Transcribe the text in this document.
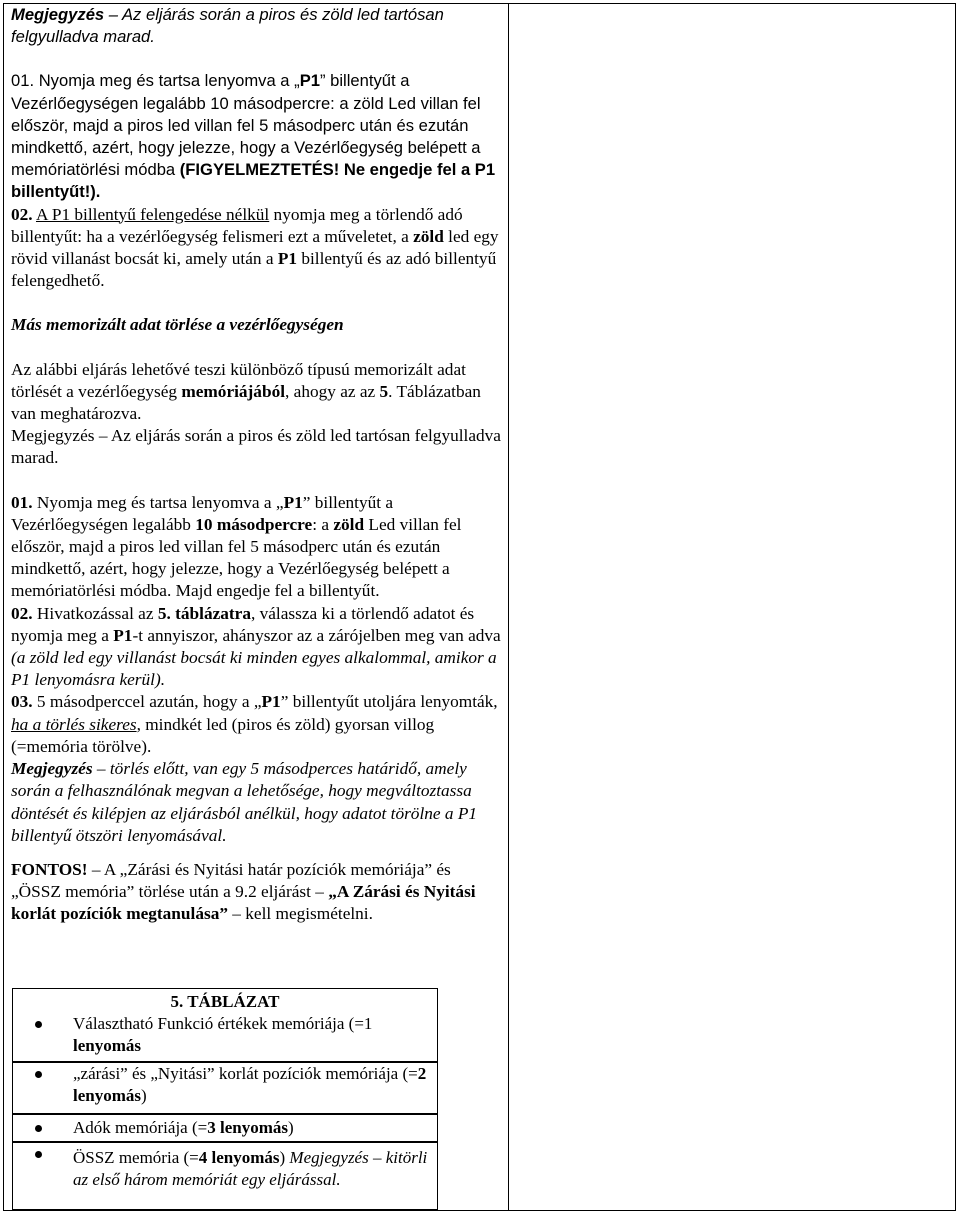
Megjegyzés – Az eljárás során a piros és zöld led tartósan felgyulladva marad.

01. Nyomja meg és tartsa lenyomva a „P1” billentyűt a Vezérlőegységen legalább 10 másodpercre: a zöld Led villan fel először, majd a piros led villan fel 5 másodperc után és ezután mindkettő, azért, hogy jelezze, hogy a Vezérlőegység belépett a memóriatörlési módba (FIGYELMEZTETÉS! Ne engedje fel a P1 billentyűt!).

02. A P1 billentyű felengedése nélkül nyomja meg a törlendő adó billentyűt: ha a vezérlőegység felismeri ezt a műveletet, a zöld led egy rövid villanást bocsát ki, amely után a P1 billentyű és az adó billentyű felengedhető.

Más memorizált adat törlése a vezérlőegységen

Az alábbi eljárás lehetővé teszi különböző típusú memorizált adat törlését a vezérlőegység memóriájából, ahogy az az 5. Táblázatban van meghatározva.

Megjegyzés – Az eljárás során a piros és zöld led tartósan felgyulladva marad.

01. Nyomja meg és tartsa lenyomva a „P1” billentyűt a Vezérlőegységen legalább 10 másodpercre: a zöld Led villan fel először, majd a piros led villan fel 5 másodperc után és ezután mindkettő, azért, hogy jelezze, hogy a Vezérlőegység belépett a memóriatörlési módba. Majd engedje fel a billentyűt.

02. Hivatkozással az 5. táblázatra, válassza ki a törlendő adatot és nyomja meg a P1-t annyiszor, ahányszor az a zárójelben meg van adva (a zöld led egy villanást bocsát ki minden egyes alkalommal, amikor a P1 lenyomásra kerül).

03. 5 másodperccel azután, hogy a „P1” billentyűt utoljára lenyomták, ha a törlés sikeres, mindkét led (piros és zöld) gyorsan villog (=memória törölve).

Megjegyzés – törlés előtt, van egy 5 másodperces határidő, amely során a felhasználónak megvan a lehetősége, hogy megváltoztassa döntését és kilépjen az eljárásból anélkül, hogy adatot törölne a P1 billentyű ötszöri lenyomásával.

FONTOS! – A „Zárási és Nyitási határ pozíciók memóriája” és „ÖSSZ memória” törlése után a 9.2 eljárást – „A Zárási és Nyitási korlát pozíciók megtanulása” – kell megismételni.

5. TÁBLÁZAT
Választható Funkció értékek memóriája (=1 lenyomás
„zárási” és „Nyitási” korlát pozíciók memóriája (=2 lenyomás)
Adók memóriája (=3 lenyomás)
ÖSSZ memória (=4 lenyomás) Megjegyzés – kitörli az első három memóriát egy eljárással.
